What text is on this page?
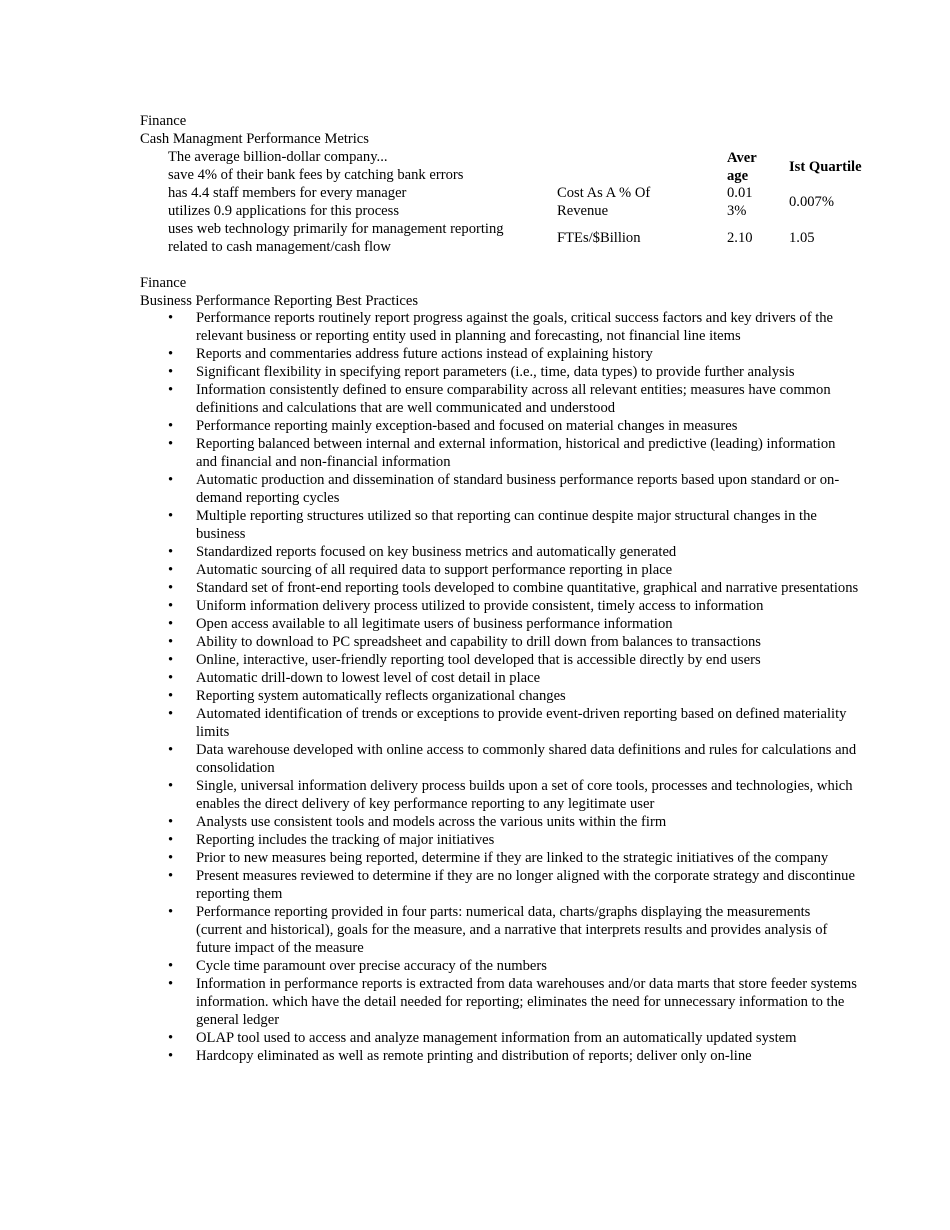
Finance
Cash Managment Performance Metrics
The average billion-dollar company...
save 4% of their bank fees by catching bank errors
has 4.4 staff members for every manager
utilizes 0.9 applications for this process
uses web technology primarily for management reporting
related to cash management/cash flow
Aver
age
Ist Quartile
Cost As A % Of
Revenue
0.01
3%
0.007%
FTEs/$Billion	2.10 1.05
Finance
Business Performance Reporting Best Practices
• Performance reports routinely report progress against the goals, critical success factors and key drivers of the relevant business or reporting entity used in planning and forecasting, not financial line items
• Reports and commentaries address future actions instead of explaining history
• Significant flexibility in specifying report parameters (i.e., time, data types) to provide further analysis
• Information consistently defined to ensure comparability across all relevant entities; measures have common definitions and calculations that are well communicated and understood
• Performance reporting mainly exception-based and focused on material changes in measures
• Reporting balanced between internal and external information, historical and predictive (leading) information and financial and non-financial information
• Automatic production and dissemination of standard business performance reports based upon standard or on-demand reporting cycles
• Multiple reporting structures utilized so that reporting can continue despite major structural changes in the business
• Standardized reports focused on key business metrics and automatically generated
• Automatic sourcing of all required data to support performance reporting in place
• Standard set of front-end reporting tools developed to combine quantitative, graphical and narrative presentations
• Uniform information delivery process utilized to provide consistent, timely access to information
• Open access available to all legitimate users of business performance information
• Ability to download to PC spreadsheet and capability to drill down from balances to transactions
• Online, interactive, user-friendly reporting tool developed that is accessible directly by end users
• Automatic drill-down to lowest level of cost detail in place
• Reporting system automatically reflects organizational changes
• Automated identification of trends or exceptions to provide event-driven reporting based on defined materiality limits
• Data warehouse developed with online access to commonly shared data definitions and rules for calculations and consolidation
• Single, universal information delivery process builds upon a set of core tools, processes and technologies, which enables the direct delivery of key performance reporting to any legitimate user
• Analysts use consistent tools and models across the various units within the firm
• Reporting includes the tracking of major initiatives
• Prior to new measures being reported, determine if they are linked to the strategic initiatives of the company
• Present measures reviewed to determine if they are no longer aligned with the corporate strategy and discontinue reporting them
• Performance reporting provided in four parts: numerical data, charts/graphs displaying the measurements (current and historical), goals for the measure, and a narrative that interprets results and provides analysis of future impact of the measure
• Cycle time paramount over precise accuracy of the numbers
• Information in performance reports is extracted from data warehouses and/or data marts that store feeder systems information. which have the detail needed for reporting; eliminates the need for unnecessary information to the general ledger
• OLAP tool used to access and analyze management information from an automatically updated system
• Hardcopy eliminated as well as remote printing and distribution of reports; deliver only on-line
